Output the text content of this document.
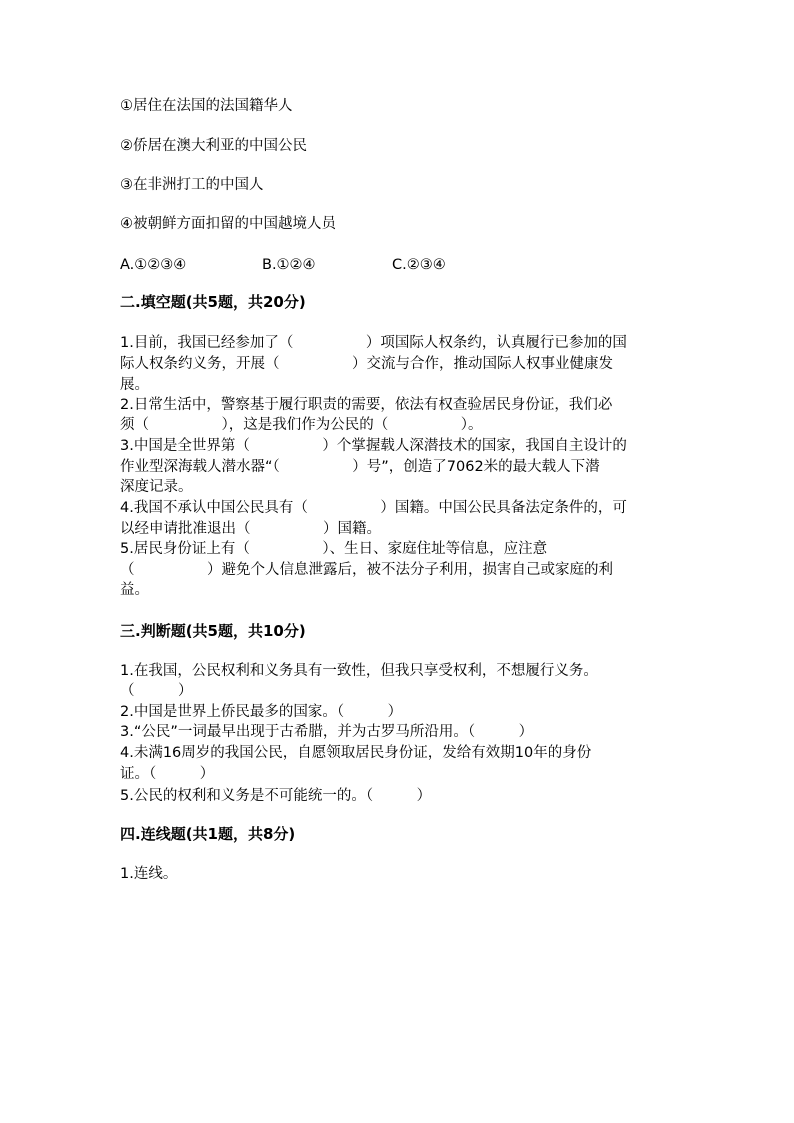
①居住在法国的法国籍华人
②侨居在澳大利亚的中国公民
③在非洲打工的中国人
④被朝鲜方面扣留的中国越境人员
A.①②③④	B.①②④	C.②③④
二.填空题(共5题，共20分)
1.目前，我国已经参加了（　　　　　）项国际人权条约，认真履行已参加的国
际人权条约义务，开展（　　　　　）交流与合作，推动国际人权事业健康发
展。
2.日常生活中，警察基于履行职责的需要，依法有权查验居民身份证，我们必
须（　　　　　），这是我们作为公民的（　　　　　）。
3.中国是全世界第（　　　　　）个掌握载人深潜技术的国家，我国自主设计的
作业型深海载人潜水器“（　　　　　）号”，创造了7062米的最大载人下潜
深度记录。
4.我国不承认中国公民具有（　　　　　）国籍。中国公民具备法定条件的，可
以经申请批准退出（　　　　　）国籍。
5.居民身份证上有（　　　　　）、生日、家庭住址等信息，应注意
（　　　　　）避免个人信息泄露后，被不法分子利用，损害自己或家庭的利
益。
三.判断题(共5题，共10分)
1.在我国，公民权利和义务具有一致性，但我只享受权利，不想履行义务。
（　　　）
2.中国是世界上侨民最多的国家。（　　　）
3.“公民”一词最早出现于古希腊，并为古罗马所沿用。（　　　）
4.未满16周岁的我国公民，自愿领取居民身份证，发给有效期10年的身份
证。（　　　）
5.公民的权利和义务是不可能统一的。（　　　）
四.连线题(共1题，共8分)
1.连线。
